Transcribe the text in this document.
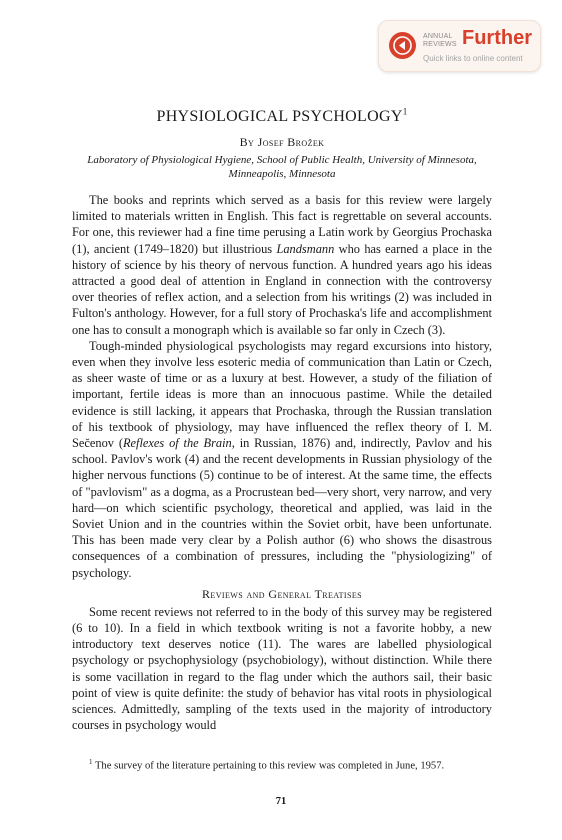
ANNUAL
REVIEWS Further
Quick links to online content
PHYSIOLOGICAL PSYCHOLOGY$^1$
By Josef Brožek
Laboratory of Physiological Hygiene, School of Public Health, University of Minnesota, Minneapolis, Minnesota

The books and reprints which served as a basis for this review were largely limited to materials written in English. This fact is regrettable on several accounts. For one, this reviewer had a fine time perusing a Latin work by Georgius Prochaska (1), ancient (1749–1820) but illustrious Landsmann who has earned a place in the history of science by his theory of nervous function. A hundred years ago his ideas attracted a good deal of attention in England in connection with the controversy over theories of reflex action, and a selection from his writings (2) was included in Fulton's anthology. However, for a full story of Prochaska's life and accomplishment one has to consult a monograph which is available so far only in Czech (3).

Tough-minded physiological psychologists may regard excursions into history, even when they involve less esoteric media of communication than Latin or Czech, as sheer waste of time or as a luxury at best. However, a study of the filiation of important, fertile ideas is more than an innocuous pastime. While the detailed evidence is still lacking, it appears that Prochaska, through the Russian translation of his textbook of physiology, may have influenced the reflex theory of I. M. Sečenov (Reflexes of the Brain, in Russian, 1876) and, indirectly, Pavlov and his school. Pavlov's work (4) and the recent developments in Russian physiology of the higher nervous functions (5) continue to be of interest. At the same time, the effects of "pavlovism" as a dogma, as a Procrustean bed—very short, very narrow, and very hard—on which scientific psychology, theoretical and applied, was laid in the Soviet Union and in the countries within the Soviet orbit, have been unfortunate. This has been made very clear by a Polish author (6) who shows the disastrous consequences of a combination of pressures, including the "physiologizing" of psychology.

Reviews and General Treatises

Some recent reviews not referred to in the body of this survey may be registered (6 to 10). In a field in which textbook writing is not a favorite hobby, a new introductory text deserves notice (11). The wares are labelled physiological psychology or psychophysiology (psychobiology), without distinction. While there is some vacillation in regard to the flag under which the authors sail, their basic point of view is quite definite: the study of behavior has vital roots in physiological sciences. Admittedly, sampling of the texts used in the majority of introductory courses in psychology would

$^1$ The survey of the literature pertaining to this review was completed in June, 1957.
71
